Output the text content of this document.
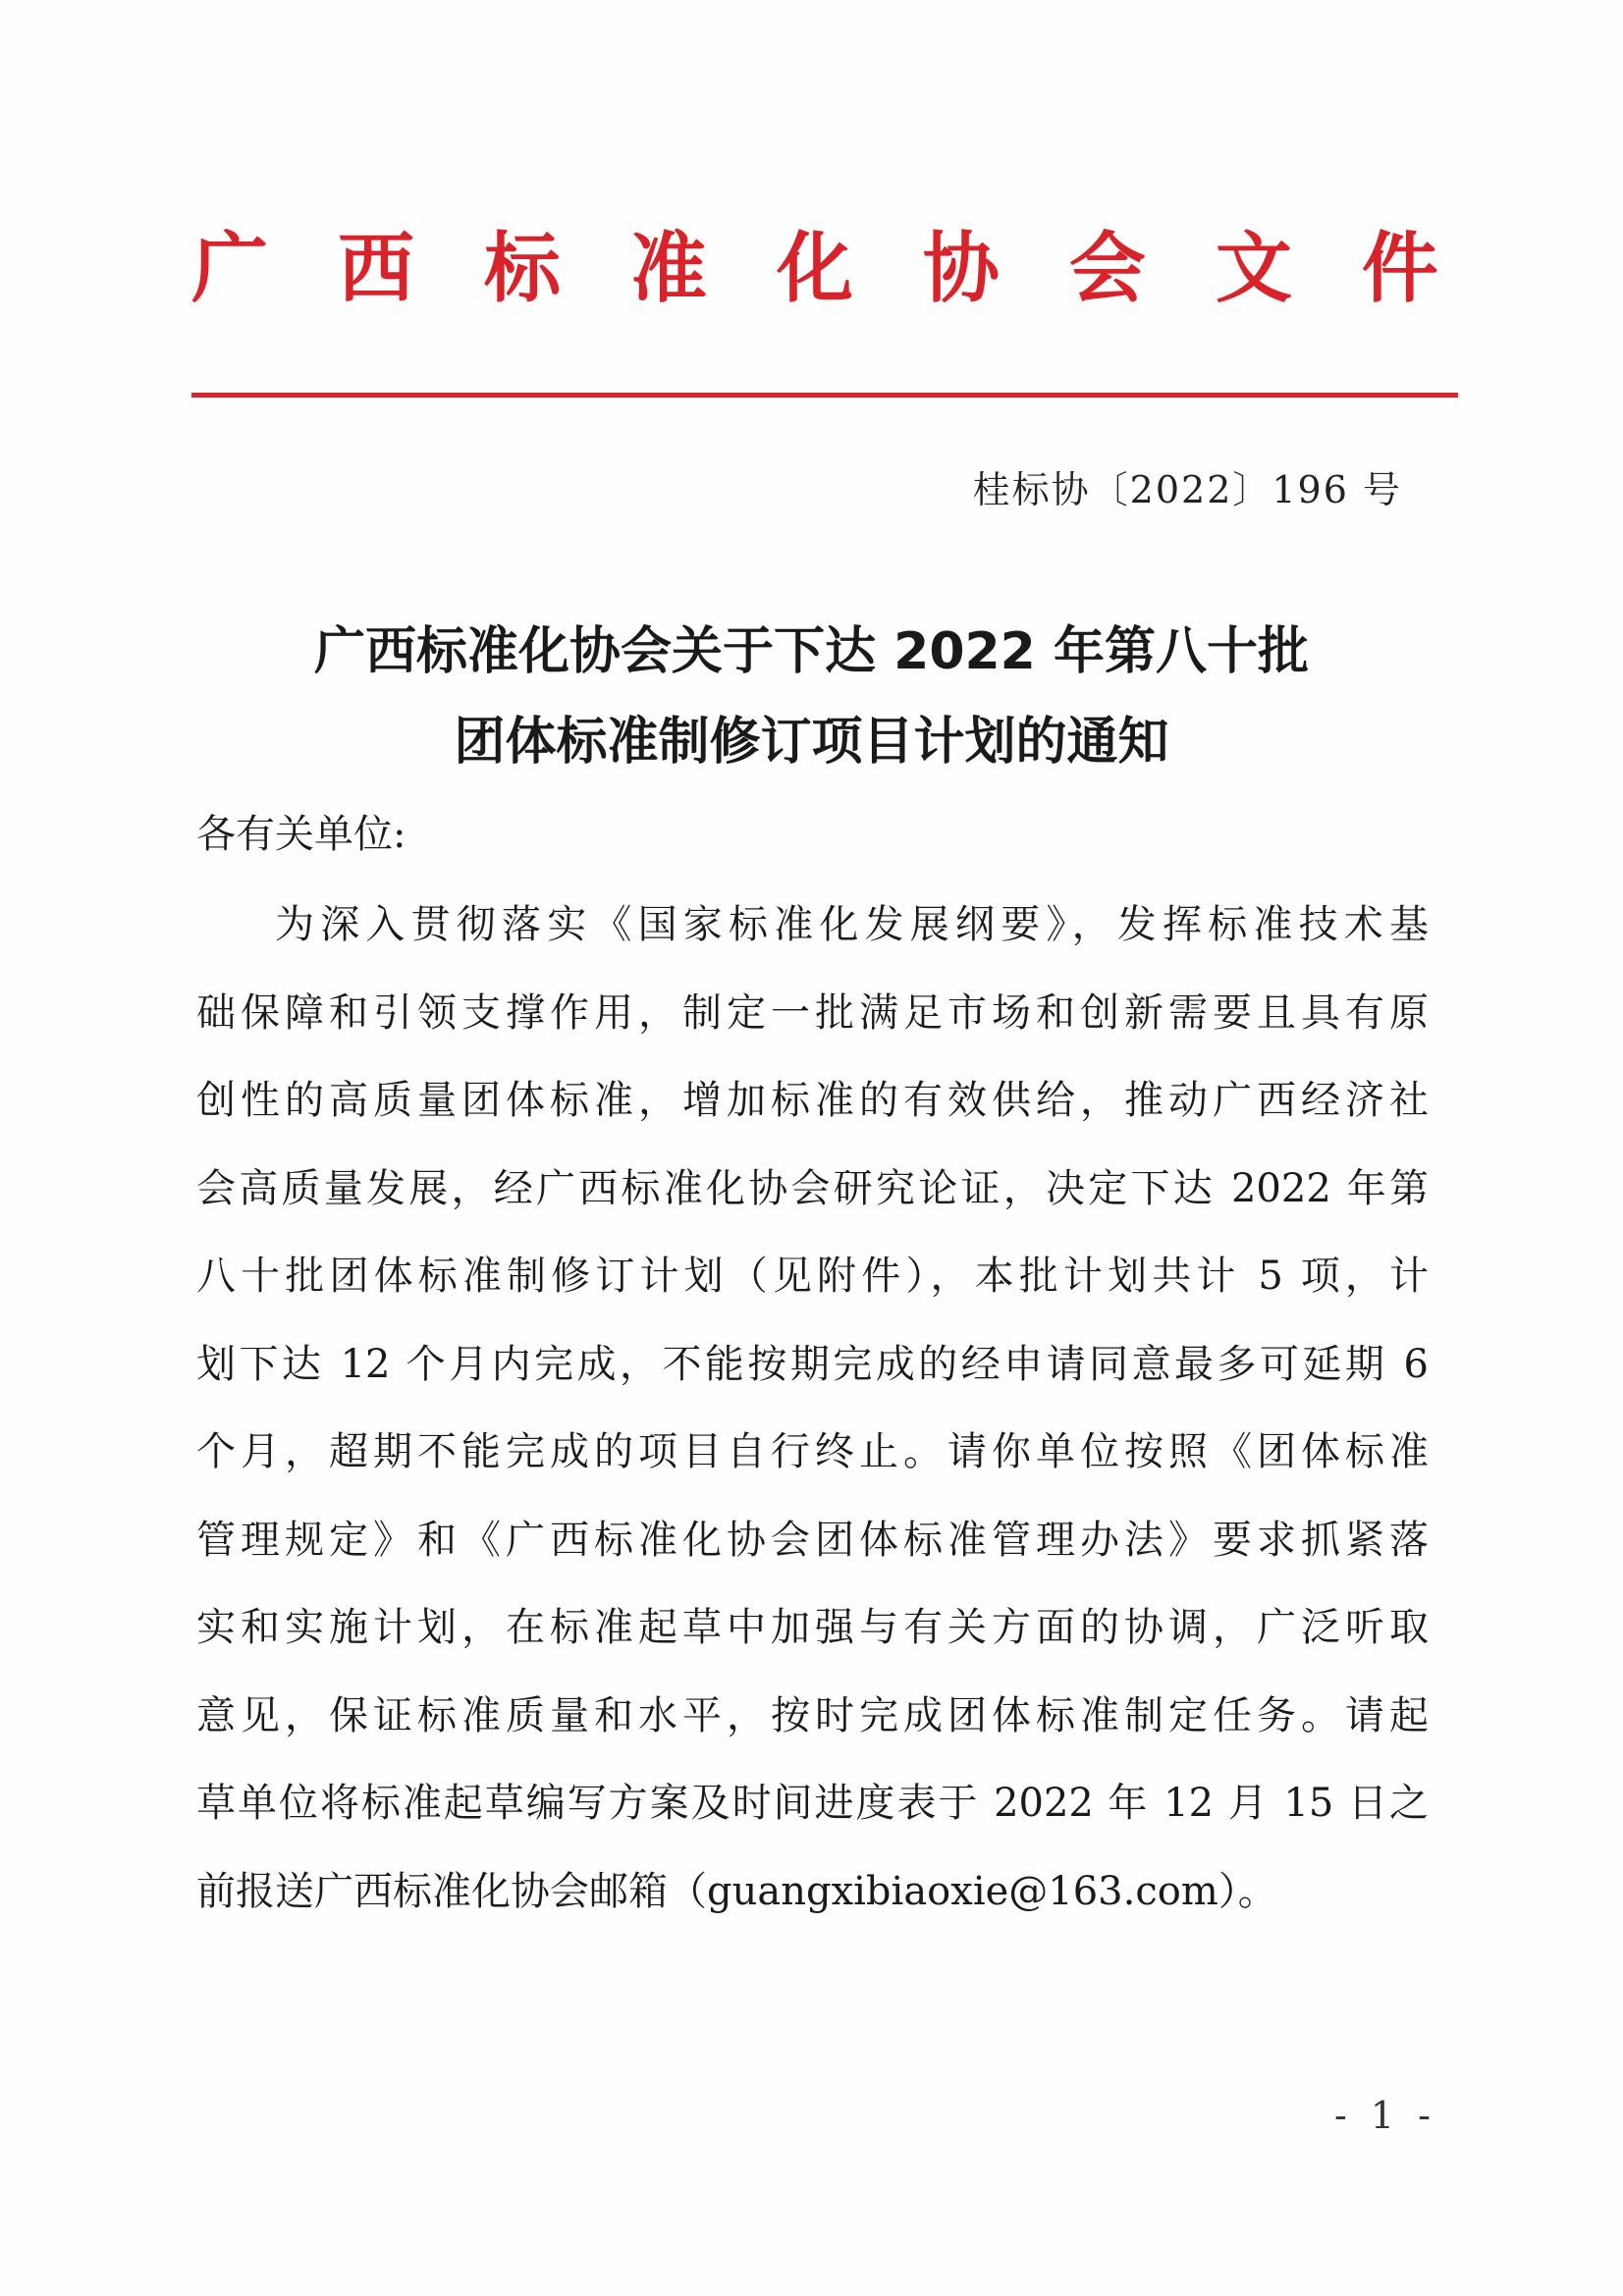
广 西 标 准 化 协 会 文 件
桂标协〔2022〕196 号
广西标准化协会关于下达 2022 年第八十批
团体标准制修订项目计划的通知
各有关单位:
为深入贯彻落实《国家标准化发展纲要》，发挥标准技术基
础保障和引领支撑作用，制定一批满足市场和创新需要且具有原
创性的高质量团体标准，增加标准的有效供给，推动广西经济社
会高质量发展，经广西标准化协会研究论证，决定下达 2022 年第
八十批团体标准制修订计划（见附件），本批计划共计 5 项，计
划下达 12 个月内完成，不能按期完成的经申请同意最多可延期 6
个月，超期不能完成的项目自行终止。请你单位按照《团体标准
管理规定》和《广西标准化协会团体标准管理办法》要求抓紧落
实和实施计划，在标准起草中加强与有关方面的协调，广泛听取
意见，保证标准质量和水平，按时完成团体标准制定任务。请起
草单位将标准起草编写方案及时间进度表于 2022 年 12 月 15 日之
前报送广西标准化协会邮箱（guangxibiaoxie@163.com）。
- 1 -
